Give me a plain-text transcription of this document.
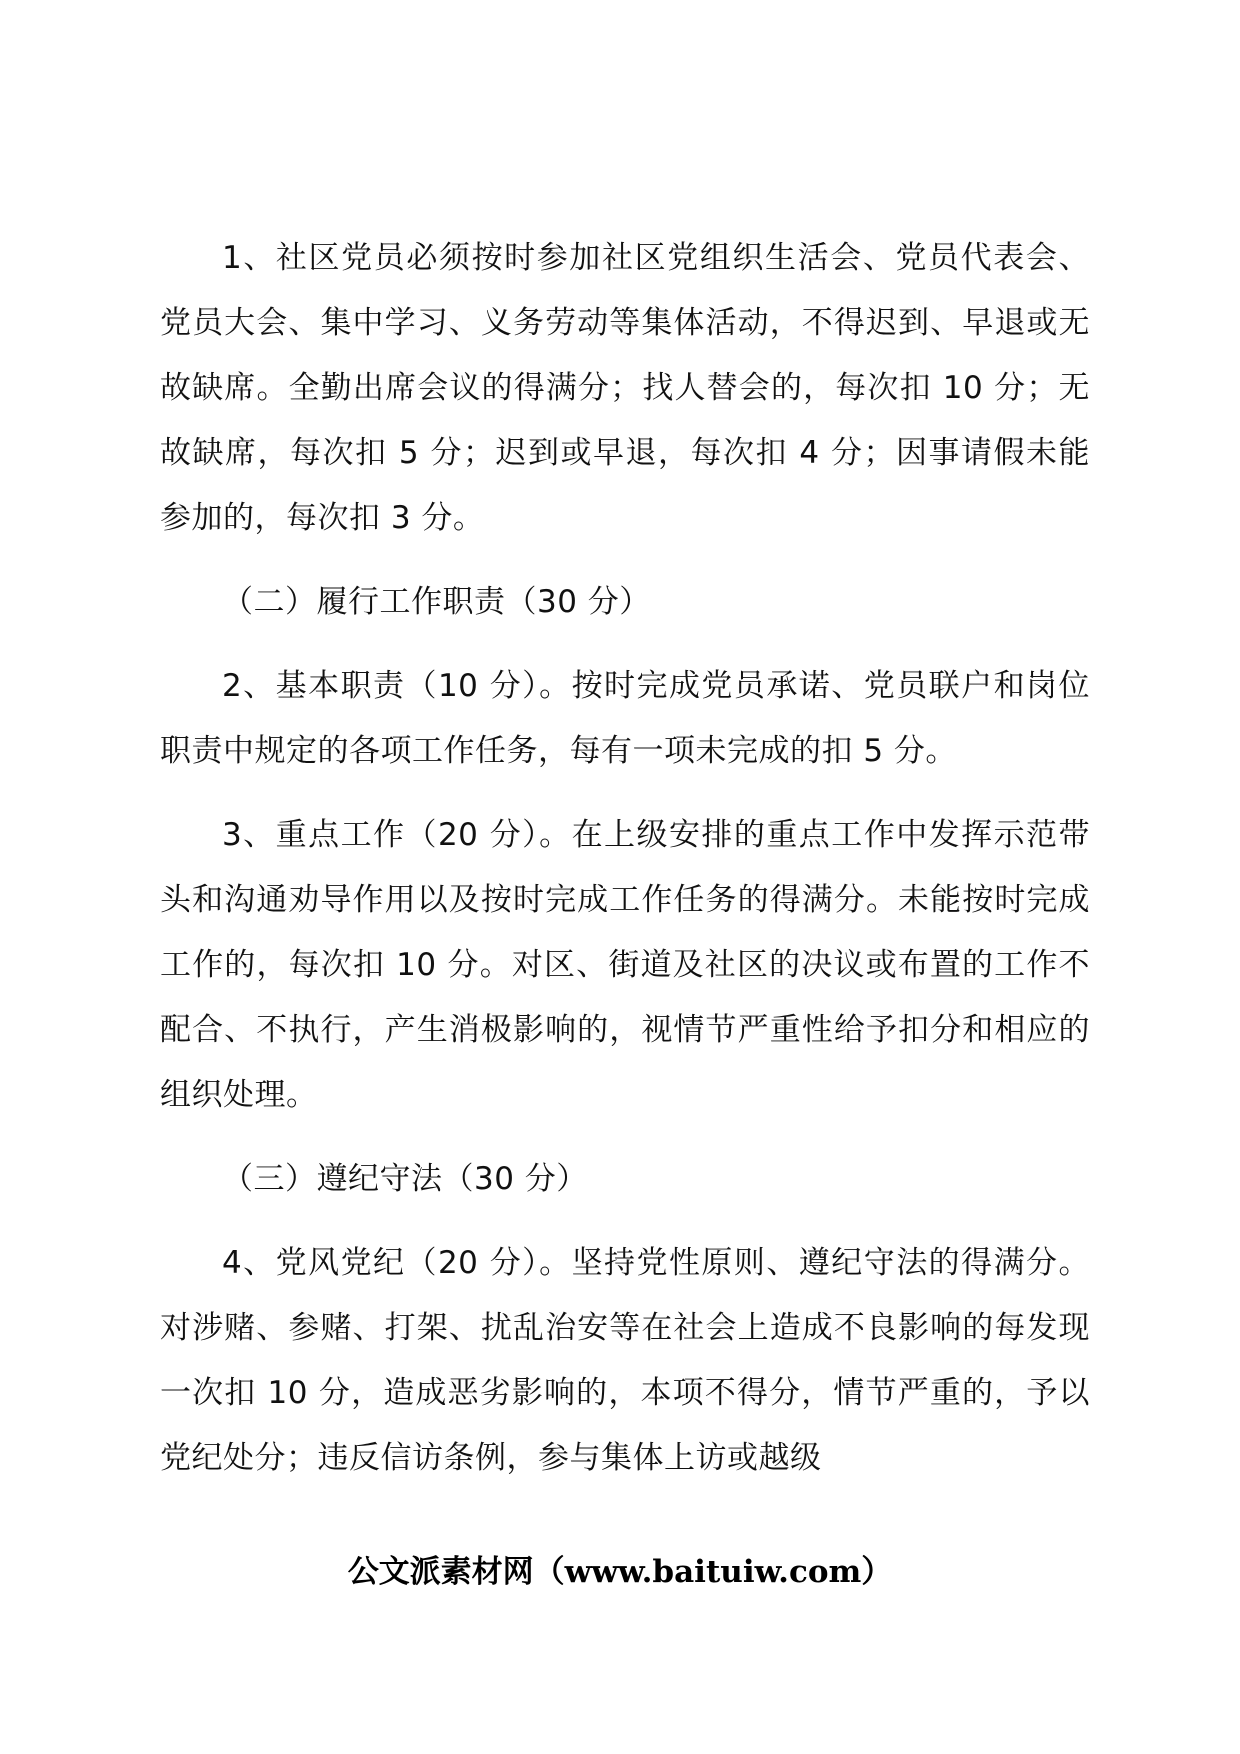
1、社区党员必须按时参加社区党组织生活会、党员代表会、党员大会、集中学习、义务劳动等集体活动，不得迟到、早退或无故缺席。全勤出席会议的得满分；找人替会的，每次扣 10 分；无故缺席，每次扣 5 分；迟到或早退，每次扣 4 分；因事请假未能参加的，每次扣 3 分。

（二）履行工作职责（30 分）

2、基本职责（10 分）。按时完成党员承诺、党员联户和岗位职责中规定的各项工作任务，每有一项未完成的扣 5 分。

3、重点工作（20 分）。在上级安排的重点工作中发挥示范带头和沟通劝导作用以及按时完成工作任务的得满分。未能按时完成工作的，每次扣 10 分。对区、街道及社区的决议或布置的工作不配合、不执行，产生消极影响的，视情节严重性给予扣分和相应的组织处理。

（三）遵纪守法（30 分）

4、党风党纪（20 分）。坚持党性原则、遵纪守法的得满分。对涉赌、参赌、打架、扰乱治安等在社会上造成不良影响的每发现一次扣 10 分，造成恶劣影响的，本项不得分，情节严重的，予以党纪处分；违反信访条例，参与集体上访或越级

公文派素材网（www.baituiw.com）
